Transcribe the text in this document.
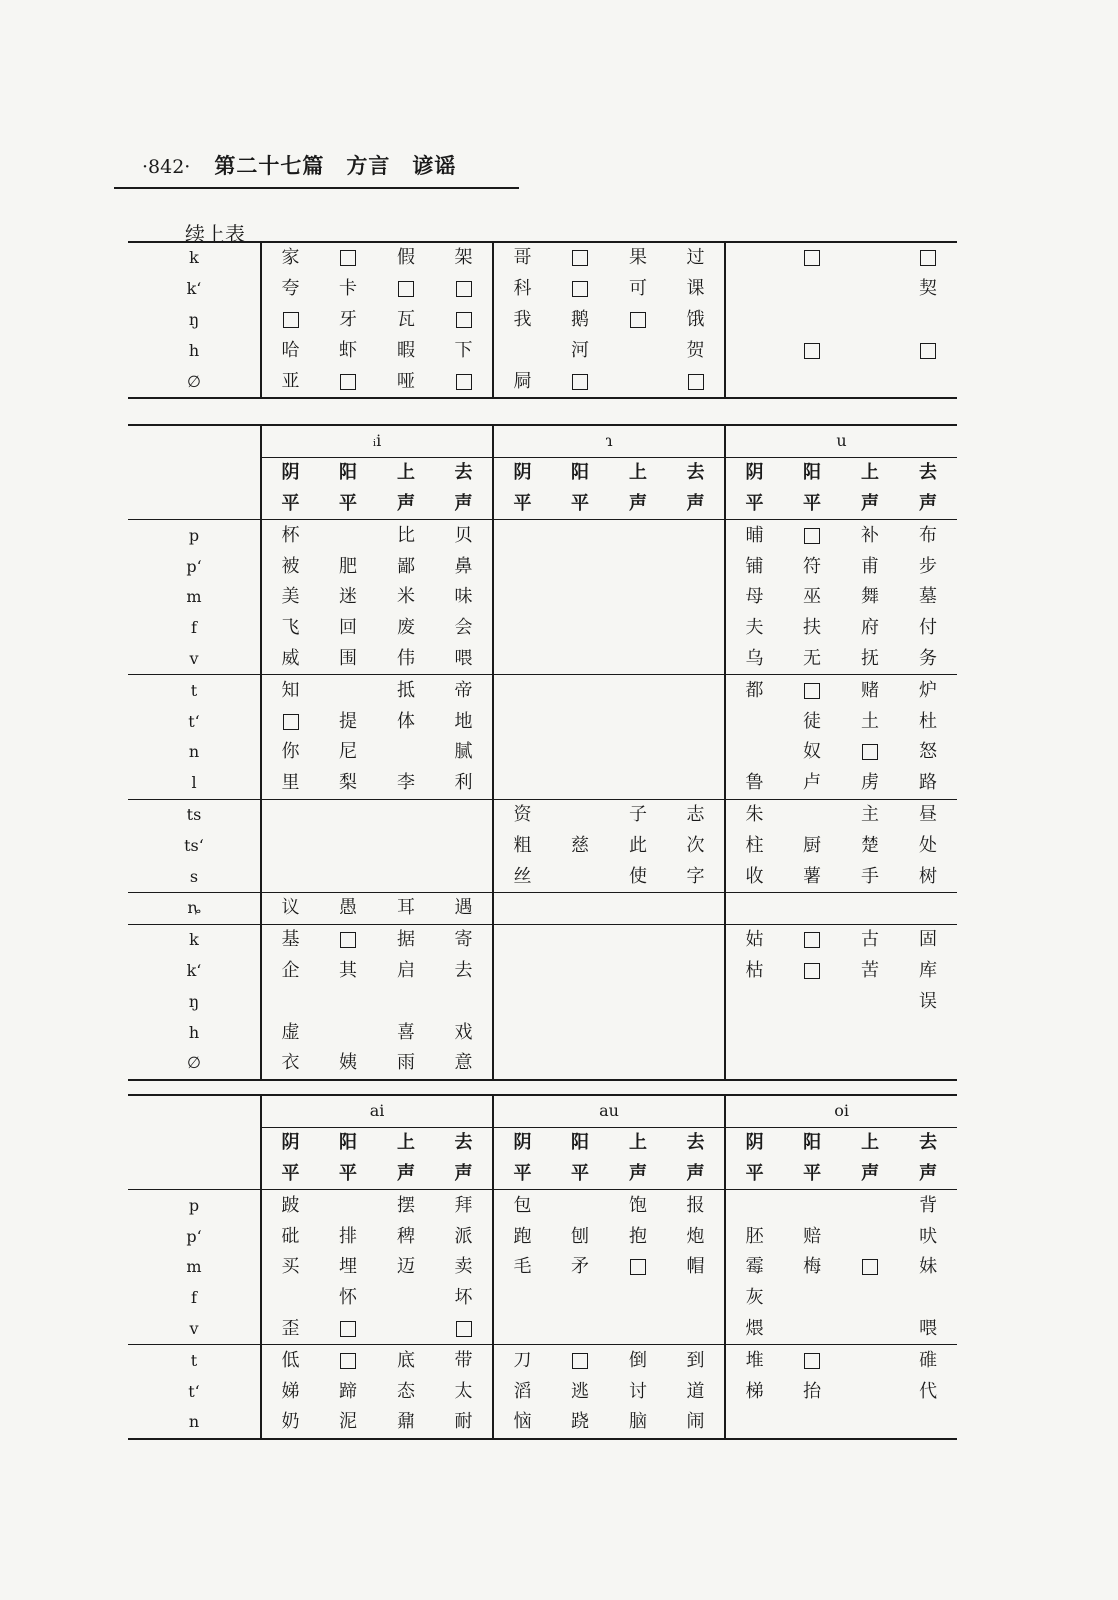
·842· 第二十七篇　方言　谚谣
续上表
k	家		假	架	哥		果	过				
kʻ	夸	卡			科		可	课				契
ŋ		牙	瓦		我	鹅		饿				
h	哈	虾	暇	下		河		贺				
∅	亚		哑		屙							
	ᵢi				ɿ				u			
	阴	阳	上	去	阴	阳	上	去	阴	阳	上	去
	平	平	声	声	平	平	声	声	平	平	声	声
p	杯		比	贝					晡		补	布
pʻ	被	肥	鄙	鼻					铺	符	甫	步
m	美	迷	米	味					母	巫	舞	墓
f	飞	回	废	会					夫	扶	府	付
v	威	围	伟	喂					乌	无	抚	务
t	知		抵	帝					都		赌	炉
tʻ		提	体	地						徒	土	杜
n	你	尼		腻						奴		怒
l	里	梨	李	利					鲁	卢	虏	路
ts					资		子	志	朱		主	昼
tsʻ					粗	慈	此	次	柱	厨	楚	处
s					丝		使	字	收	薯	手	树
ȵ	议	愚	耳	遇								
k	基		据	寄					姑		古	固
kʻ	企	其	启	去					枯		苦	库
ŋ												误
h	虚		喜	戏								
∅	衣	姨	雨	意								
	ai				au				oi			
	阴	阳	上	去	阴	阳	上	去	阴	阳	上	去
	平	平	声	声	平	平	声	声	平	平	声	声
p	跛		摆	拜	包		饱	报				背
pʻ	砒	排	稗	派	跑	刨	抱	炮	胚	赔		吠
m	买	埋	迈	卖	毛	矛		帽	霉	梅		妹
f		怀		坏					灰			
v	歪								煨			喂
t	低		底	带	刀		倒	到	堆			碓
tʻ	娣	蹄	态	太	滔	逃	讨	道	梯	抬		代
n	奶	泥	鼐	耐	恼	跷	脑	闹				
